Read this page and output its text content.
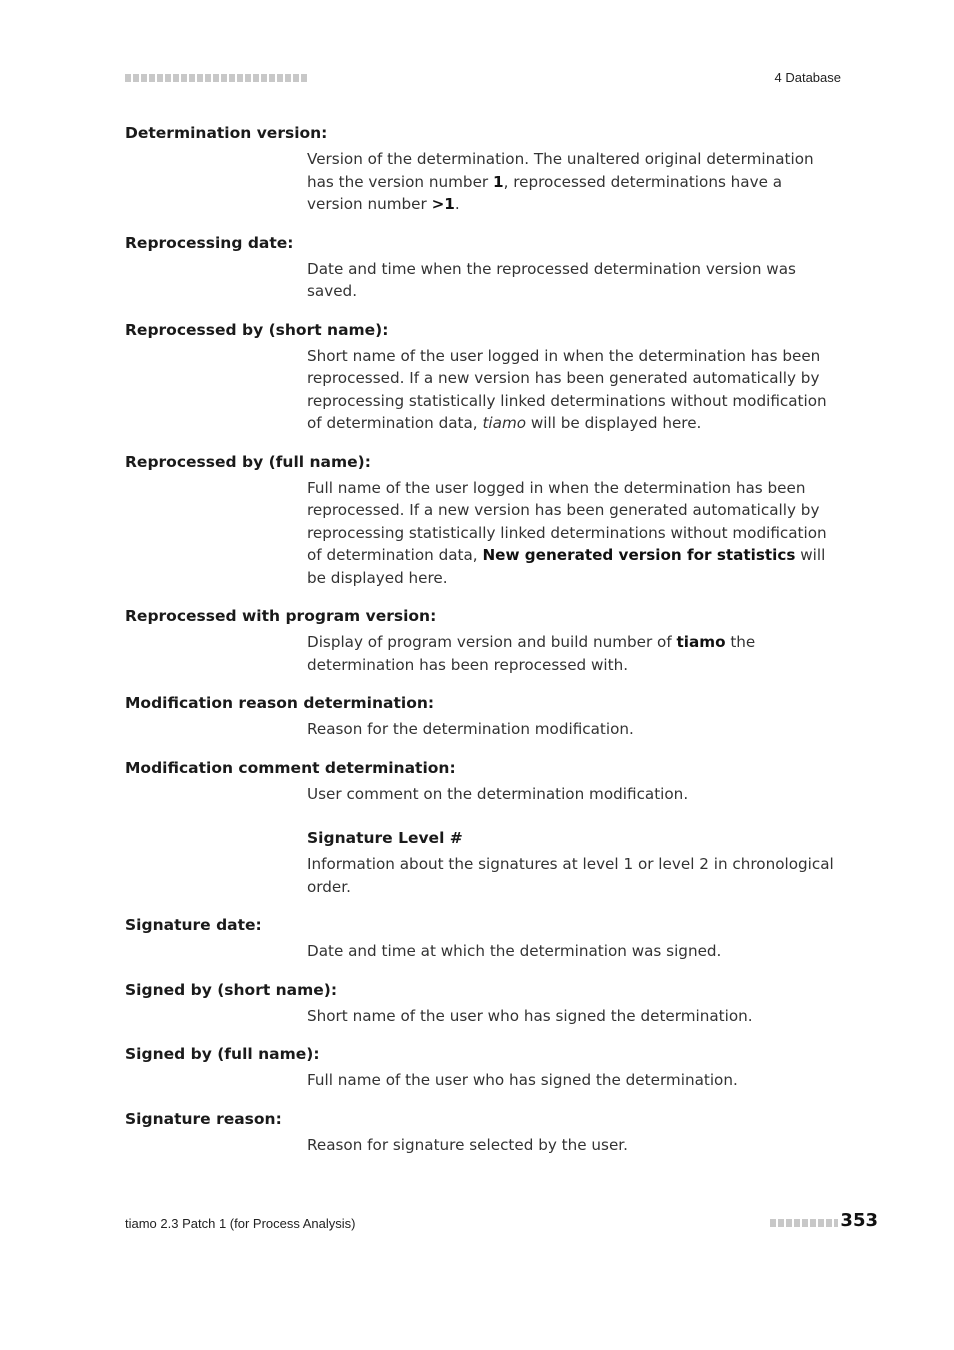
4 Database
Determination version:
Version of the determination. The unaltered original determination has the version number 1, reprocessed determinations have a version number >1.
Reprocessing date:
Date and time when the reprocessed determination version was saved.
Reprocessed by (short name):
Short name of the user logged in when the determination has been reprocessed. If a new version has been generated automatically by reprocessing statistically linked determinations without modification of determination data, tiamo will be displayed here.
Reprocessed by (full name):
Full name of the user logged in when the determination has been reprocessed. If a new version has been generated automatically by reprocessing statistically linked determinations without modification of determination data, New generated version for statistics will be displayed here.
Reprocessed with program version:
Display of program version and build number of tiamo the determination has been reprocessed with.
Modification reason determination:
Reason for the determination modification.
Modification comment determination:
User comment on the determination modification.
Signature Level #
Information about the signatures at level 1 or level 2 in chronological order.
Signature date:
Date and time at which the determination was signed.
Signed by (short name):
Short name of the user who has signed the determination.
Signed by (full name):
Full name of the user who has signed the determination.
Signature reason:
Reason for signature selected by the user.
tiamo 2.3 Patch 1 (for Process Analysis)	353
